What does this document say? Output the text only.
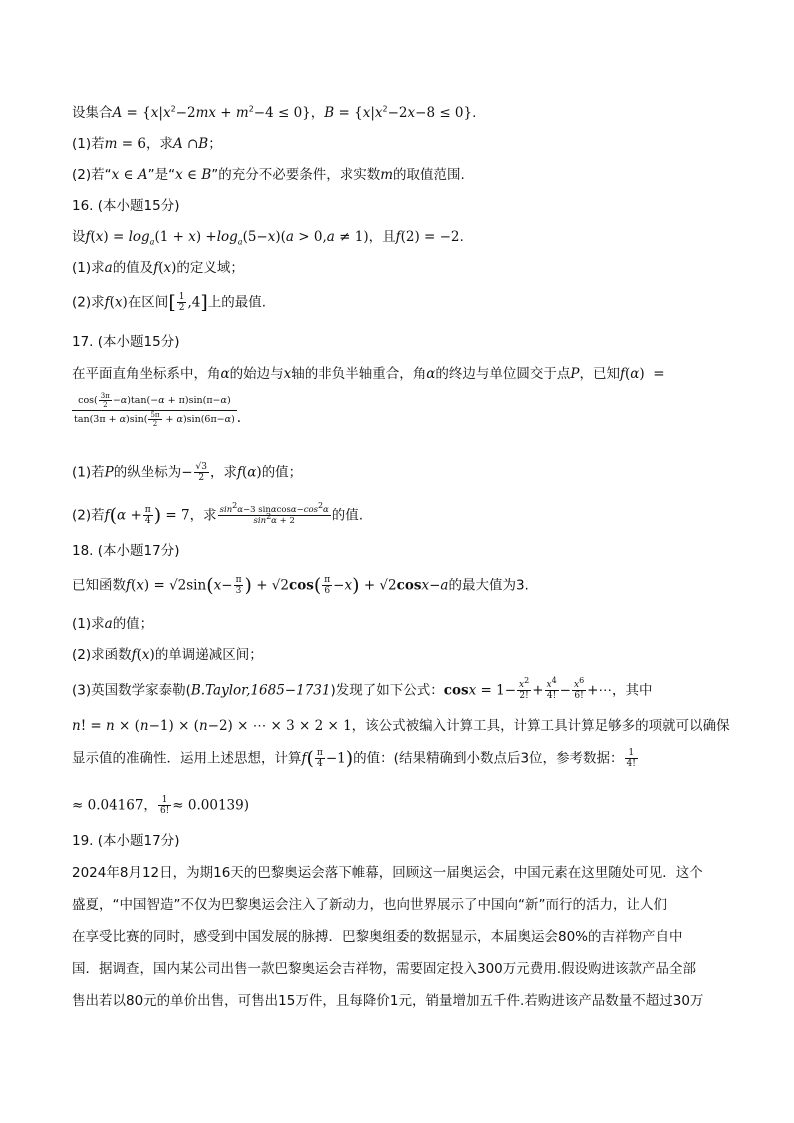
设集合$A = \{x|x^2-2mx + m^2-4 \le 0\}$，$B = \{x|x^2-2x-8 \le 0\}$.
(1)若m = 6，求A ∩B；
(2)若“x ∈ A”是“x ∈ B”的充分不必要条件，求实数m的取值范围.
16. (本小题15分)
设$f(x) = \log_a(1 + x) +\log_a(5-x)(a > 0,a \ne 1)$，且f(2) = −2.
(1)求a的值及f(x)的定义域；
(2)求f(x)在区间[ $\frac{1}{2} ,4$]上的最值.
17. (本小题15分)
在平面直角坐标系中，角α的始边与x轴的非负半轴重合，角α的终边与单位圆交于点P，已知f(α)  =
$\frac{\cos( \frac{3\pi}{2} -\alpha)\tan(-\alpha + \pi)\sin(\pi-\alpha)}{\tan(3\pi + \alpha)\sin( \frac{5\pi}{2} + \alpha)\sin(6\pi-\alpha)}$ .
(1)若P的纵坐标为− $\frac{√3}{2}$ ，求f(α)的值；
(2)若$f(\alpha + \frac{\pi}{4}$ ) = 7，求 $\frac{\sin^2\alpha-3 \sin\alpha\cos\alpha-\cos^2\alpha}{\sin^2\alpha + 2}$ 的值.
18. (本小题17分)
已知函数$f(x) = √2\sin(x- \frac{\pi}{3}$ ) + $√2\cos( \frac{\pi}{6} -x) + √2\cos x-a$的最大值为3.
(1)求a的值；
(2)求函数f(x)的单调递减区间；
(3)英国数学家泰勒(B.Taylor,1685−1731)发现了如下公式：$\cos x = 1- \frac{x^2}{2!} + \frac{x^4}{4!} - \frac{x^6}{6!}$ +⋯，其中
n! = n × (n−1) × (n−2) × ⋯ × 3 × 2 × 1，该公式被编入计算工具，计算工具计算足够多的项就可以确保
显示值的准确性．运用上述思想，计算$f( \frac{\pi}{4} -1)$的值：(结果精确到小数点后3位，参考数据： $\frac{1}{4!}$
≈ 0.04167， $\frac{1}{6!} \approx 0.00139$)
19. (本小题17分)
2024年8月12日，为期16天的巴黎奥运会落下帷幕，回顾这一届奥运会，中国元素在这里随处可见．这个
盛夏，“中国智造”不仅为巴黎奥运会注入了新动力，也向世界展示了中国向“新”而行的活力，让人们
在享受比赛的同时，感受到中国发展的脉搏．巴黎奥组委的数据显示，本届奥运会80%的吉祥物产自中
国．据调查，国内某公司出售一款巴黎奥运会吉祥物，需要固定投入300万元费用.假设购进该款产品全部
售出若以80元的单价出售，可售出15万件，且每降价1元，销量增加五千件.若购进该产品数量不超过30万
